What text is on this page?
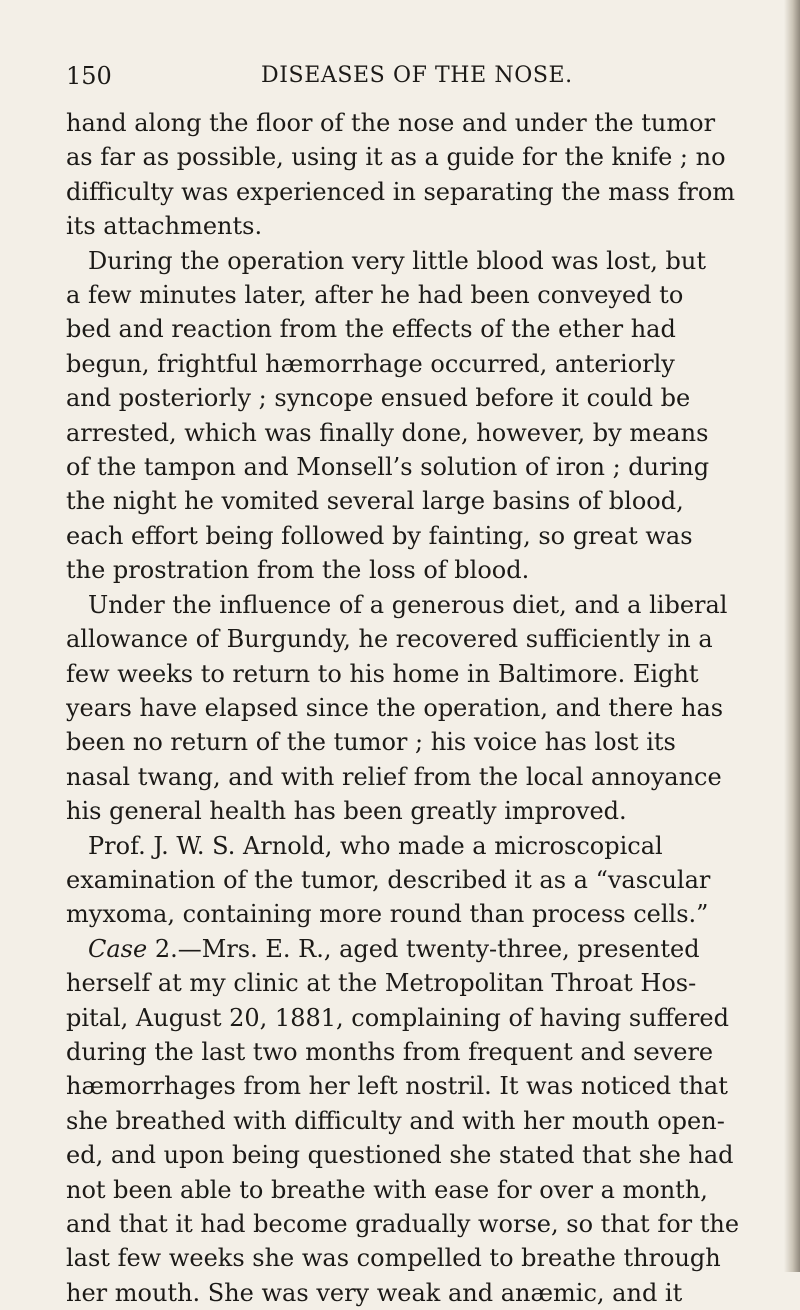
150	DISEASES OF THE NOSE.
hand along the floor of the nose and under the tumor
as far as possible, using it as a guide for the knife ; no
difficulty was experienced in separating the mass from
its attachments.
During the operation very little blood was lost, but
a few minutes later, after he had been conveyed to
bed and reaction from the effects of the ether had
begun, frightful hæmorrhage occurred, anteriorly
and posteriorly ; syncope ensued before it could be
arrested, which was finally done, however, by means
of the tampon and Monsell’s solution of iron ; during
the night he vomited several large basins of blood,
each effort being followed by fainting, so great was
the prostration from the loss of blood.
Under the influence of a generous diet, and a liberal
allowance of Burgundy, he recovered sufficiently in a
few weeks to return to his home in Baltimore. Eight
years have elapsed since the operation, and there has
been no return of the tumor ; his voice has lost its
nasal twang, and with relief from the local annoyance
his general health has been greatly improved.
Prof. J. W. S. Arnold, who made a microscopical
examination of the tumor, described it as a “vascular
myxoma, containing more round than process cells.”
Case 2.—Mrs. E. R., aged twenty-three, presented
herself at my clinic at the Metropolitan Throat Hos-
pital, August 20, 1881, complaining of having suffered
during the last two months from frequent and severe
hæmorrhages from her left nostril. It was noticed that
she breathed with difficulty and with her mouth open-
ed, and upon being questioned she stated that she had
not been able to breathe with ease for over a month,
and that it had become gradually worse, so that for the
last few weeks she was compelled to breathe through
her mouth. She was very weak and anæmic, and it
